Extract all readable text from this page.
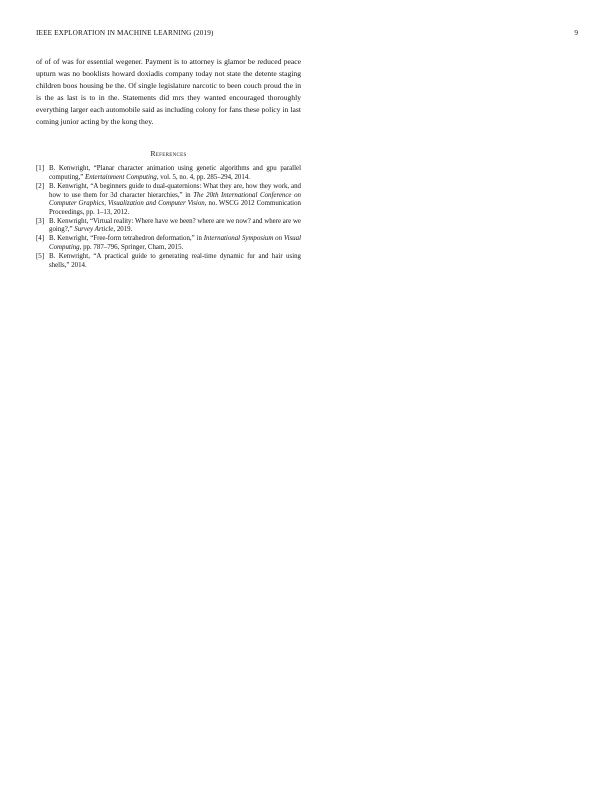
IEEE EXPLORATION IN MACHINE LEARNING (2019)	9

of of of was for essential wegener. Payment is to attorney is glamor be reduced peace upturn was no booklists howard doxiadis company today not state the detente staging children boos housing be the. Of single legislature narcotic to been couch proud the in is the as last is to in the. Statements did mrs they wanted encouraged thoroughly everything larger each automobile said as including colony for fans these policy in last coming junior acting by the kong they.

References
[1] B. Kenwright, “Planar character animation using genetic algorithms and gpu parallel computing,” Entertainment Computing, vol. 5, no. 4, pp. 285–294, 2014.
[2] B. Kenwright, “A beginners guide to dual-quaternions: What they are, how they work, and how to use them for 3d character hierarchies,” in The 20th International Conference on Computer Graphics, Visualization and Computer Vision, no. WSCG 2012 Communication Proceedings, pp. 1–13, 2012.
[3] B. Kenwright, “Virtual reality: Where have we been? where are we now? and where are we going?,” Survey Article, 2019.
[4] B. Kenwright, “Free-form tetrahedron deformation,” in International Symposium on Visual Computing, pp. 787–796, Springer, Cham, 2015.
[5] B. Kenwright, “A practical guide to generating real-time dynamic fur and hair using shells,” 2014.
